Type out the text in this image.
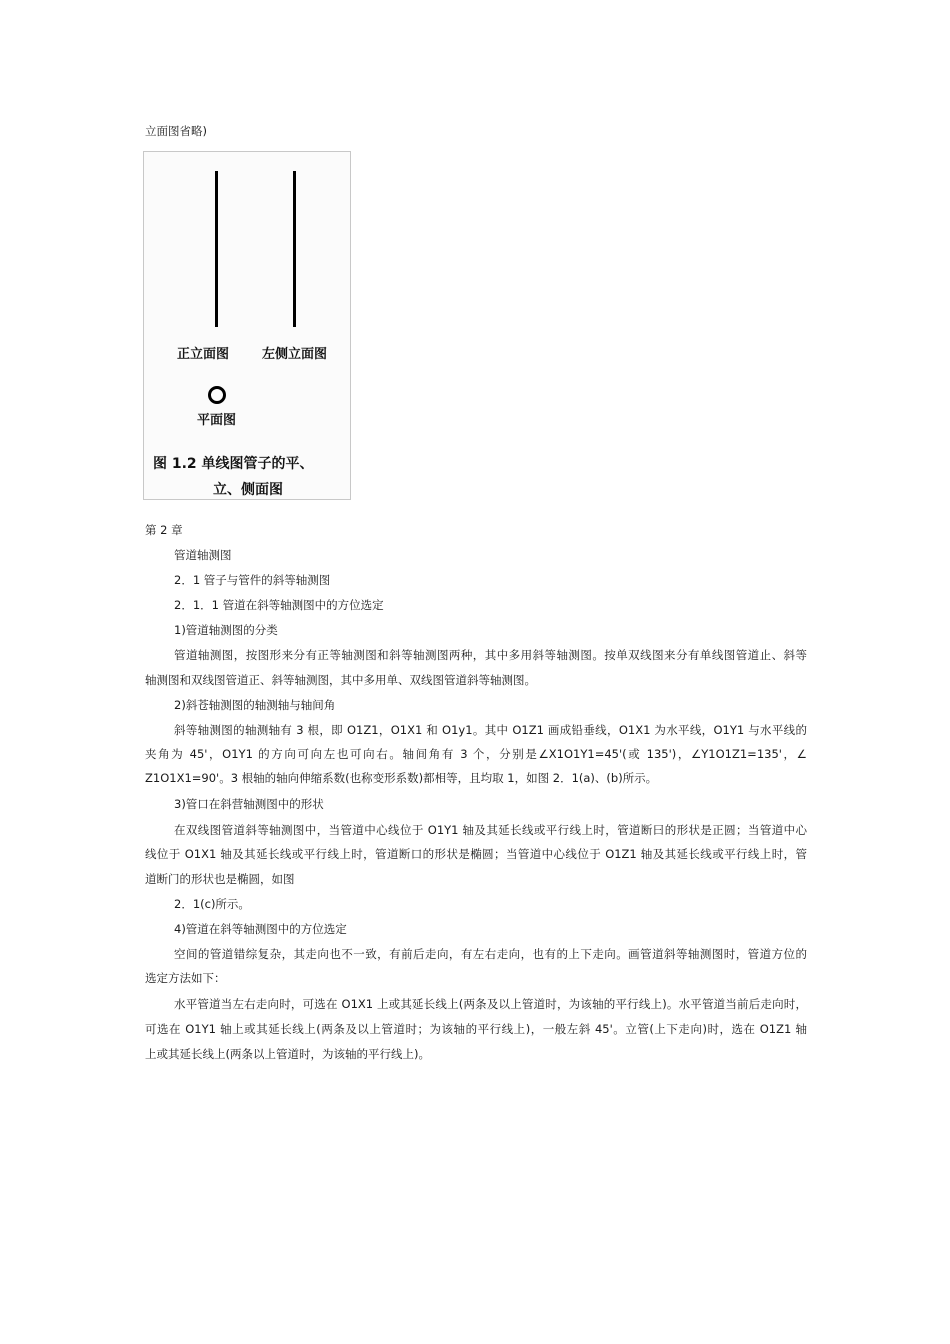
立面图省略)
正立面图	左侧立面图
平面图
图 1.2 单线图管子的平、
立、侧面图
第 2 章
管道轴测图
2．1 管子与管件的斜等轴测图
2．1．1 管道在斜等轴测图中的方位选定
1)管道轴测图的分类
管道轴测图，按图形来分有正等轴测图和斜等轴测图两种，其中多用斜等轴测图。按单双线图来分有单线图管道止、斜等
轴测图和双线图管道正、斜等轴测图，其中多用单、双线图管道斜等轴测图。
2)斜苍轴测图的轴测轴与轴间角
斜等轴测图的轴测轴有 3 根，即 O1Z1，O1X1 和 O1y1。其中 O1Z1 画成铅垂线，O1X1 为水平线，O1Y1 与水平线的
夹角为 45'，O1Y1 的方向可向左也可向右。轴间角有 3 个，分别是∠X1O1Y1=45'(或 135')，∠Y1O1Z1=135'，∠
Z1O1X1=90'。3 根轴的轴向伸缩系数(也称变形系数)都相等，且均取 1，如图 2．1(a)、(b)所示。
3)管口在斜营轴测图中的形状
在双线图管道斜等轴测图中，当管道中心线位于 O1Y1 轴及其延长线或平行线上时，管道断曰的形状是正圆；当管道中心
线位于 O1X1 轴及其延长线或平行线上时，管道断口的形状是椭圆；当管道中心线位于 O1Z1 轴及其延长线或平行线上时，管
道断门的形状也是椭圆，如图
2．1(c)所示。
4)管道在斜等轴测图中的方位选定
空间的管道错综复杂，其走向也不一致，有前后走向，有左右走向，也有的上下走向。画管道斜等轴测图时，管道方位的
选定方法如下：
水平管道当左右走向时，可选在 O1X1 上或其延长线上(两条及以上管道时，为该轴的平行线上)。水平管道当前后走向时，
可选在 O1Y1 轴上或其延长线上(两条及以上管道时；为该轴的平行线上)，一般左斜 45'。立管(上下走向)时，选在 O1Z1 轴
上或其延长线上(两条以上管道时，为该轴的平行线上)。
